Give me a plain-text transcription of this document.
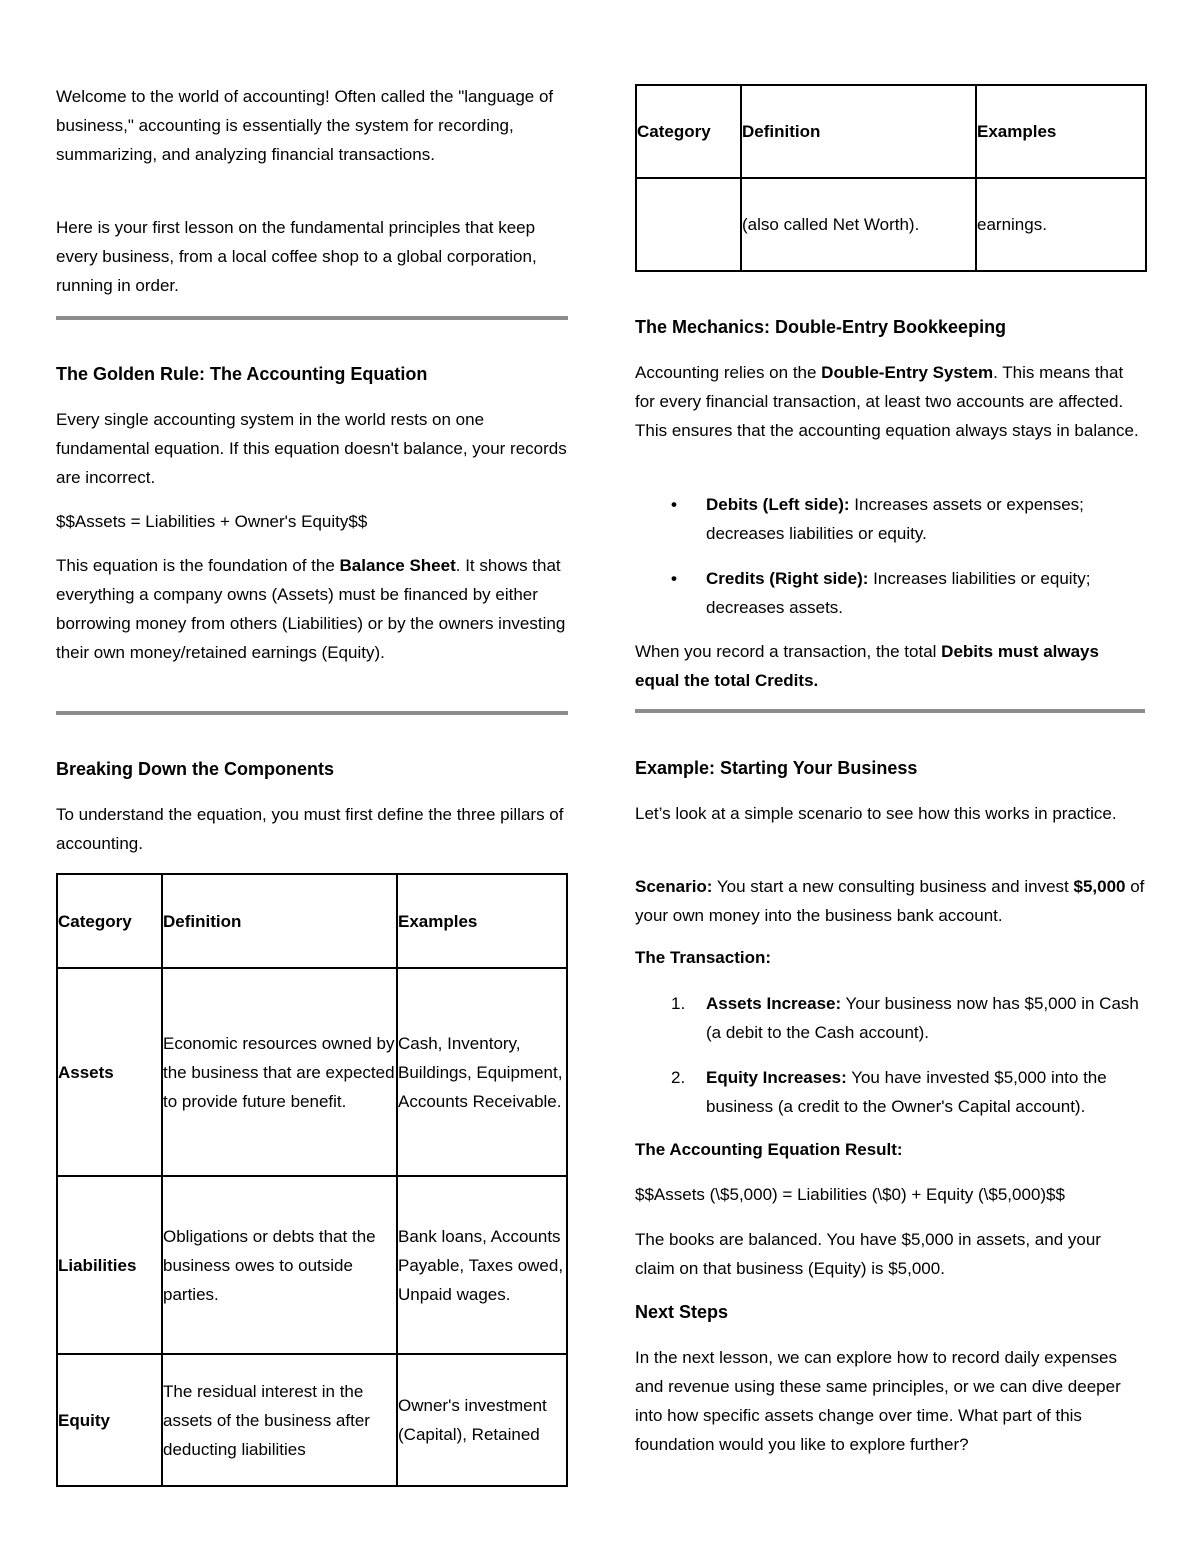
Welcome to the world of accounting! Often called the "language of business," accounting is essentially the system for recording, summarizing, and analyzing financial transactions.

Here is your first lesson on the fundamental principles that keep every business, from a local coffee shop to a global corporation, running in order.

The Golden Rule: The Accounting Equation

Every single accounting system in the world rests on one fundamental equation. If this equation doesn't balance, your records are incorrect.

$$Assets = Liabilities + Owner's Equity$$

This equation is the foundation of the Balance Sheet. It shows that everything a company owns (Assets) must be financed by either borrowing money from others (Liabilities) or by the owners investing their own money/retained earnings (Equity).

Breaking Down the Components

To understand the equation, you must first define the three pillars of accounting.

Category	Definition	Examples
Assets	Economic resources owned by the business that are expected to provide future benefit.	Cash, Inventory, Buildings, Equipment, Accounts Receivable.
Liabilities	Obligations or debts that the business owes to outside parties.	Bank loans, Accounts Payable, Taxes owed, Unpaid wages.
Equity	The residual interest in the assets of the business after deducting liabilities	Owner's investment (Capital), Retained
Category	Definition	Examples
	(also called Net Worth).	earnings.
The Mechanics: Double-Entry Bookkeeping

Accounting relies on the Double-Entry System. This means that for every financial transaction, at least two accounts are affected. This ensures that the accounting equation always stays in balance.

• Debits (Left side): Increases assets or expenses; decreases liabilities or equity.
• Credits (Right side): Increases liabilities or equity; decreases assets.

When you record a transaction, the total Debits must always equal the total Credits.

Example: Starting Your Business

Let’s look at a simple scenario to see how this works in practice.

Scenario: You start a new consulting business and invest $5,000 of your own money into the business bank account.

The Transaction:
1. Assets Increase: Your business now has $5,000 in Cash (a debit to the Cash account).
2. Equity Increases: You have invested $5,000 into the business (a credit to the Owner's Capital account).
The Accounting Equation Result:

$$Assets (\$5,000) = Liabilities (\$0) + Equity (\$5,000)$$

The books are balanced. You have $5,000 in assets, and your claim on that business (Equity) is $5,000.

Next Steps

In the next lesson, we can explore how to record daily expenses and revenue using these same principles, or we can dive deeper into how specific assets change over time. What part of this foundation would you like to explore further?
